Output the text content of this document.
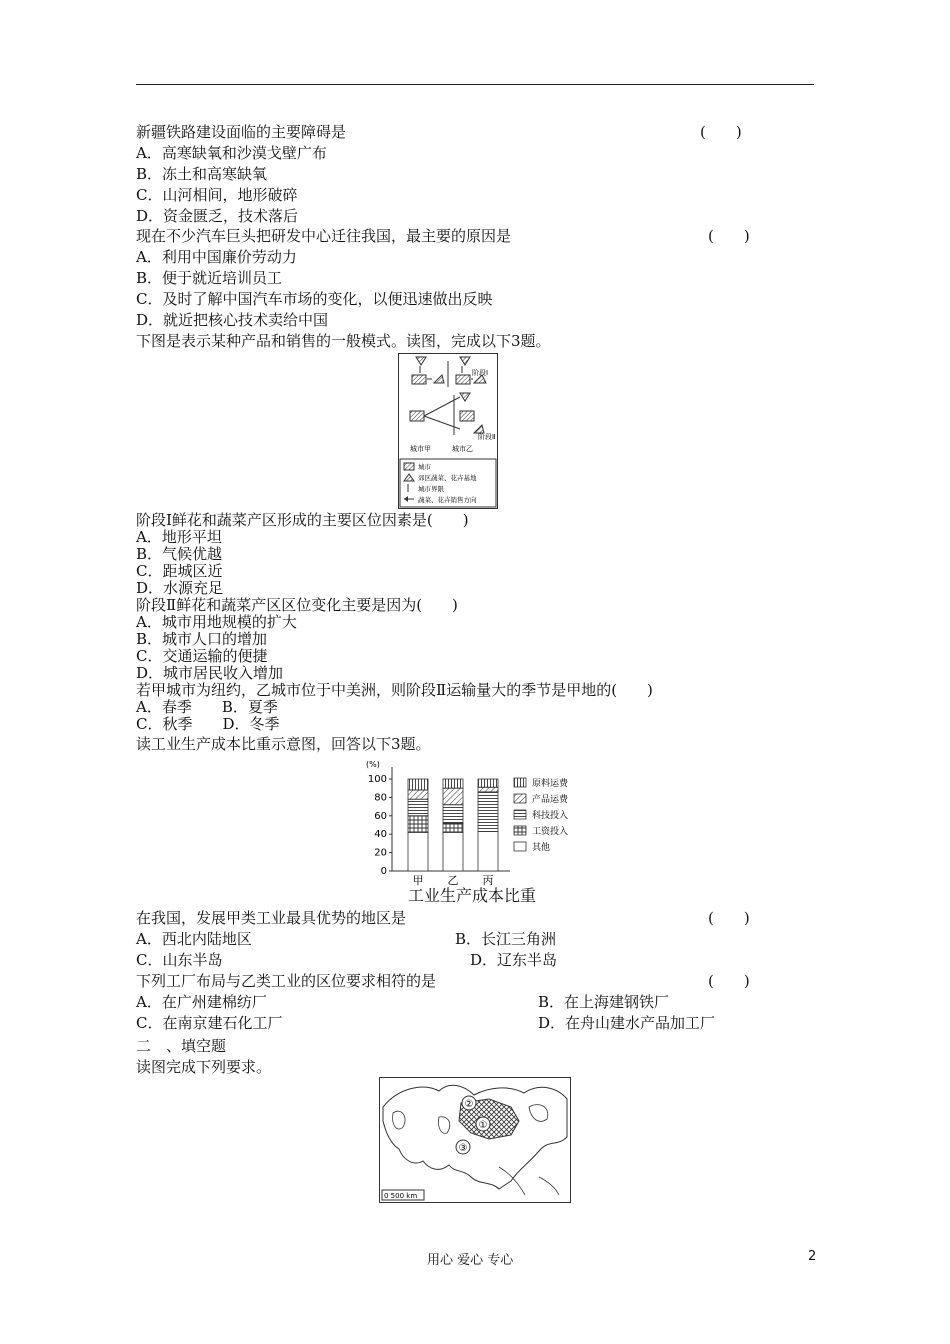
新疆铁路建设面临的主要障碍是	(　　)
A．高寒缺氧和沙漠戈壁广布
B．冻土和高寒缺氧
C．山河相间，地形破碎
D．资金匮乏，技术落后
现在不少汽车巨头把研发中心迁往我国，最主要的原因是	(　　)
A．利用中国廉价劳动力
B．便于就近培训员工
C．及时了解中国汽车市场的变化，以便迅速做出反映
D．就近把核心技术卖给中国
下图是表示某种产品和销售的一般模式。读图，完成以下3题。
阶段Ⅰ
阶段Ⅱ
城市甲	城市乙
城市
郊区蔬菜、花卉基地
城市界限
蔬菜、花卉销售方向
阶段Ⅰ鲜花和蔬菜产区形成的主要区位因素是(　　)
A．地形平坦
B．气候优越
C．距城区近
D．水源充足
阶段Ⅱ鲜花和蔬菜产区区位变化主要是因为(　　)
A．城市用地规模的扩大
B．城市人口的增加
C．交通运输的便捷
D．城市居民收入增加
若甲城市为纽约，乙城市位于中美洲，则阶段Ⅱ运输量大的季节是甲地的(　　)
A．春季　　B．夏季
C．秋季　　D．冬季
读工业生产成本比重示意图，回答以下3题。
(%)
0
20
40
60
80
100
甲 乙 丙
原料运费
产品运费
科技投入
工资投入
其他
工业生产成本比重
在我国，发展甲类工业最具优势的地区是	(　　)
A．西北内陆地区	B．长江三角洲
C．山东半岛	D．辽东半岛
下列工厂布局与乙类工业的区位要求相符的是	(　　)
A．在广州建棉纺厂	B．在上海建钢铁厂
C．在南京建石化工厂	D．在舟山建水产品加工厂
二　、填空题
读图完成下列要求。
②
①
③
0 500 km
用心 爱心 专心	2
